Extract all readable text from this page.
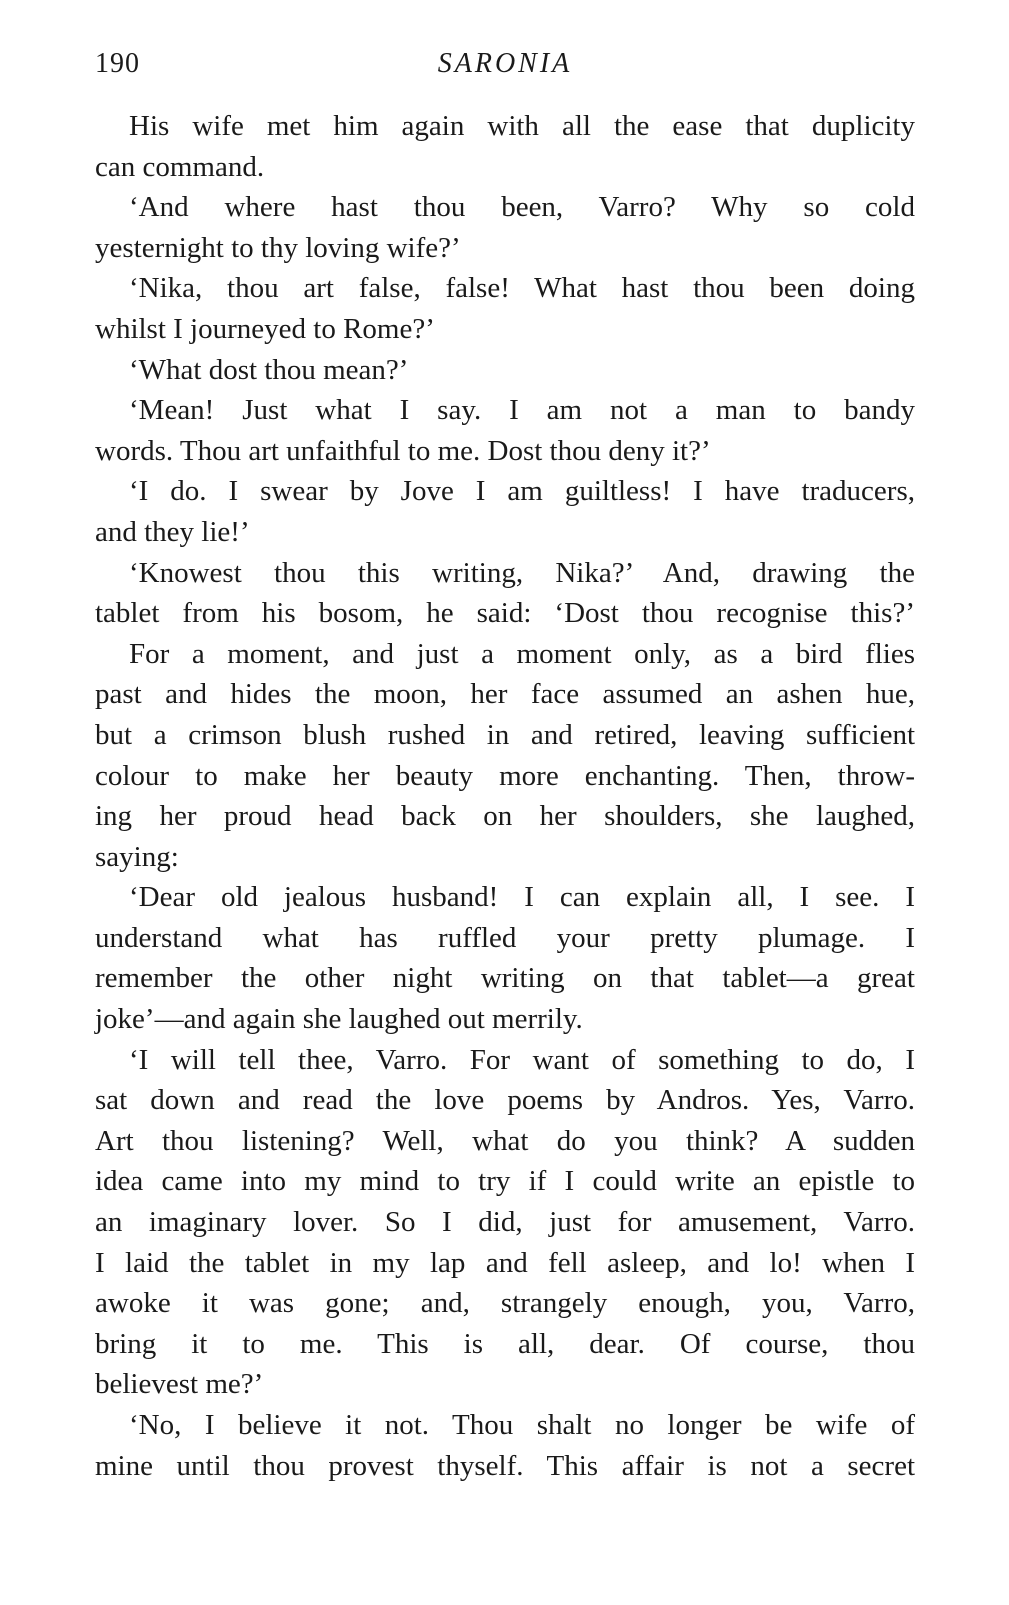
190	SARONIA
His wife met him again with all the ease that duplicity
can command.
‘And where hast thou been, Varro? Why so cold
yesternight to thy loving wife?’
‘Nika, thou art false, false! What hast thou been doing
whilst I journeyed to Rome?’
‘What dost thou mean?’
‘Mean! Just what I say. I am not a man to bandy
words. Thou art unfaithful to me. Dost thou deny it?’
‘I do. I swear by Jove I am guiltless! I have traducers,
and they lie!’
‘Knowest thou this writing, Nika?’ And, drawing the
tablet from his bosom, he said: ‘Dost thou recognise this?’
For a moment, and just a moment only, as a bird flies
past and hides the moon, her face assumed an ashen hue,
but a crimson blush rushed in and retired, leaving sufficient
colour to make her beauty more enchanting. Then, throw-
ing her proud head back on her shoulders, she laughed,
saying:
‘Dear old jealous husband! I can explain all, I see. I
understand what has ruffled your pretty plumage. I
remember the other night writing on that tablet—a great
joke’—and again she laughed out merrily.
‘I will tell thee, Varro. For want of something to do, I
sat down and read the love poems by Andros. Yes, Varro.
Art thou listening? Well, what do you think? A sudden
idea came into my mind to try if I could write an epistle to
an imaginary lover. So I did, just for amusement, Varro.
I laid the tablet in my lap and fell asleep, and lo! when I
awoke it was gone; and, strangely enough, you, Varro,
bring it to me. This is all, dear. Of course, thou
believest me?’
‘No, I believe it not. Thou shalt no longer be wife of
mine until thou provest thyself. This affair is not a secret
